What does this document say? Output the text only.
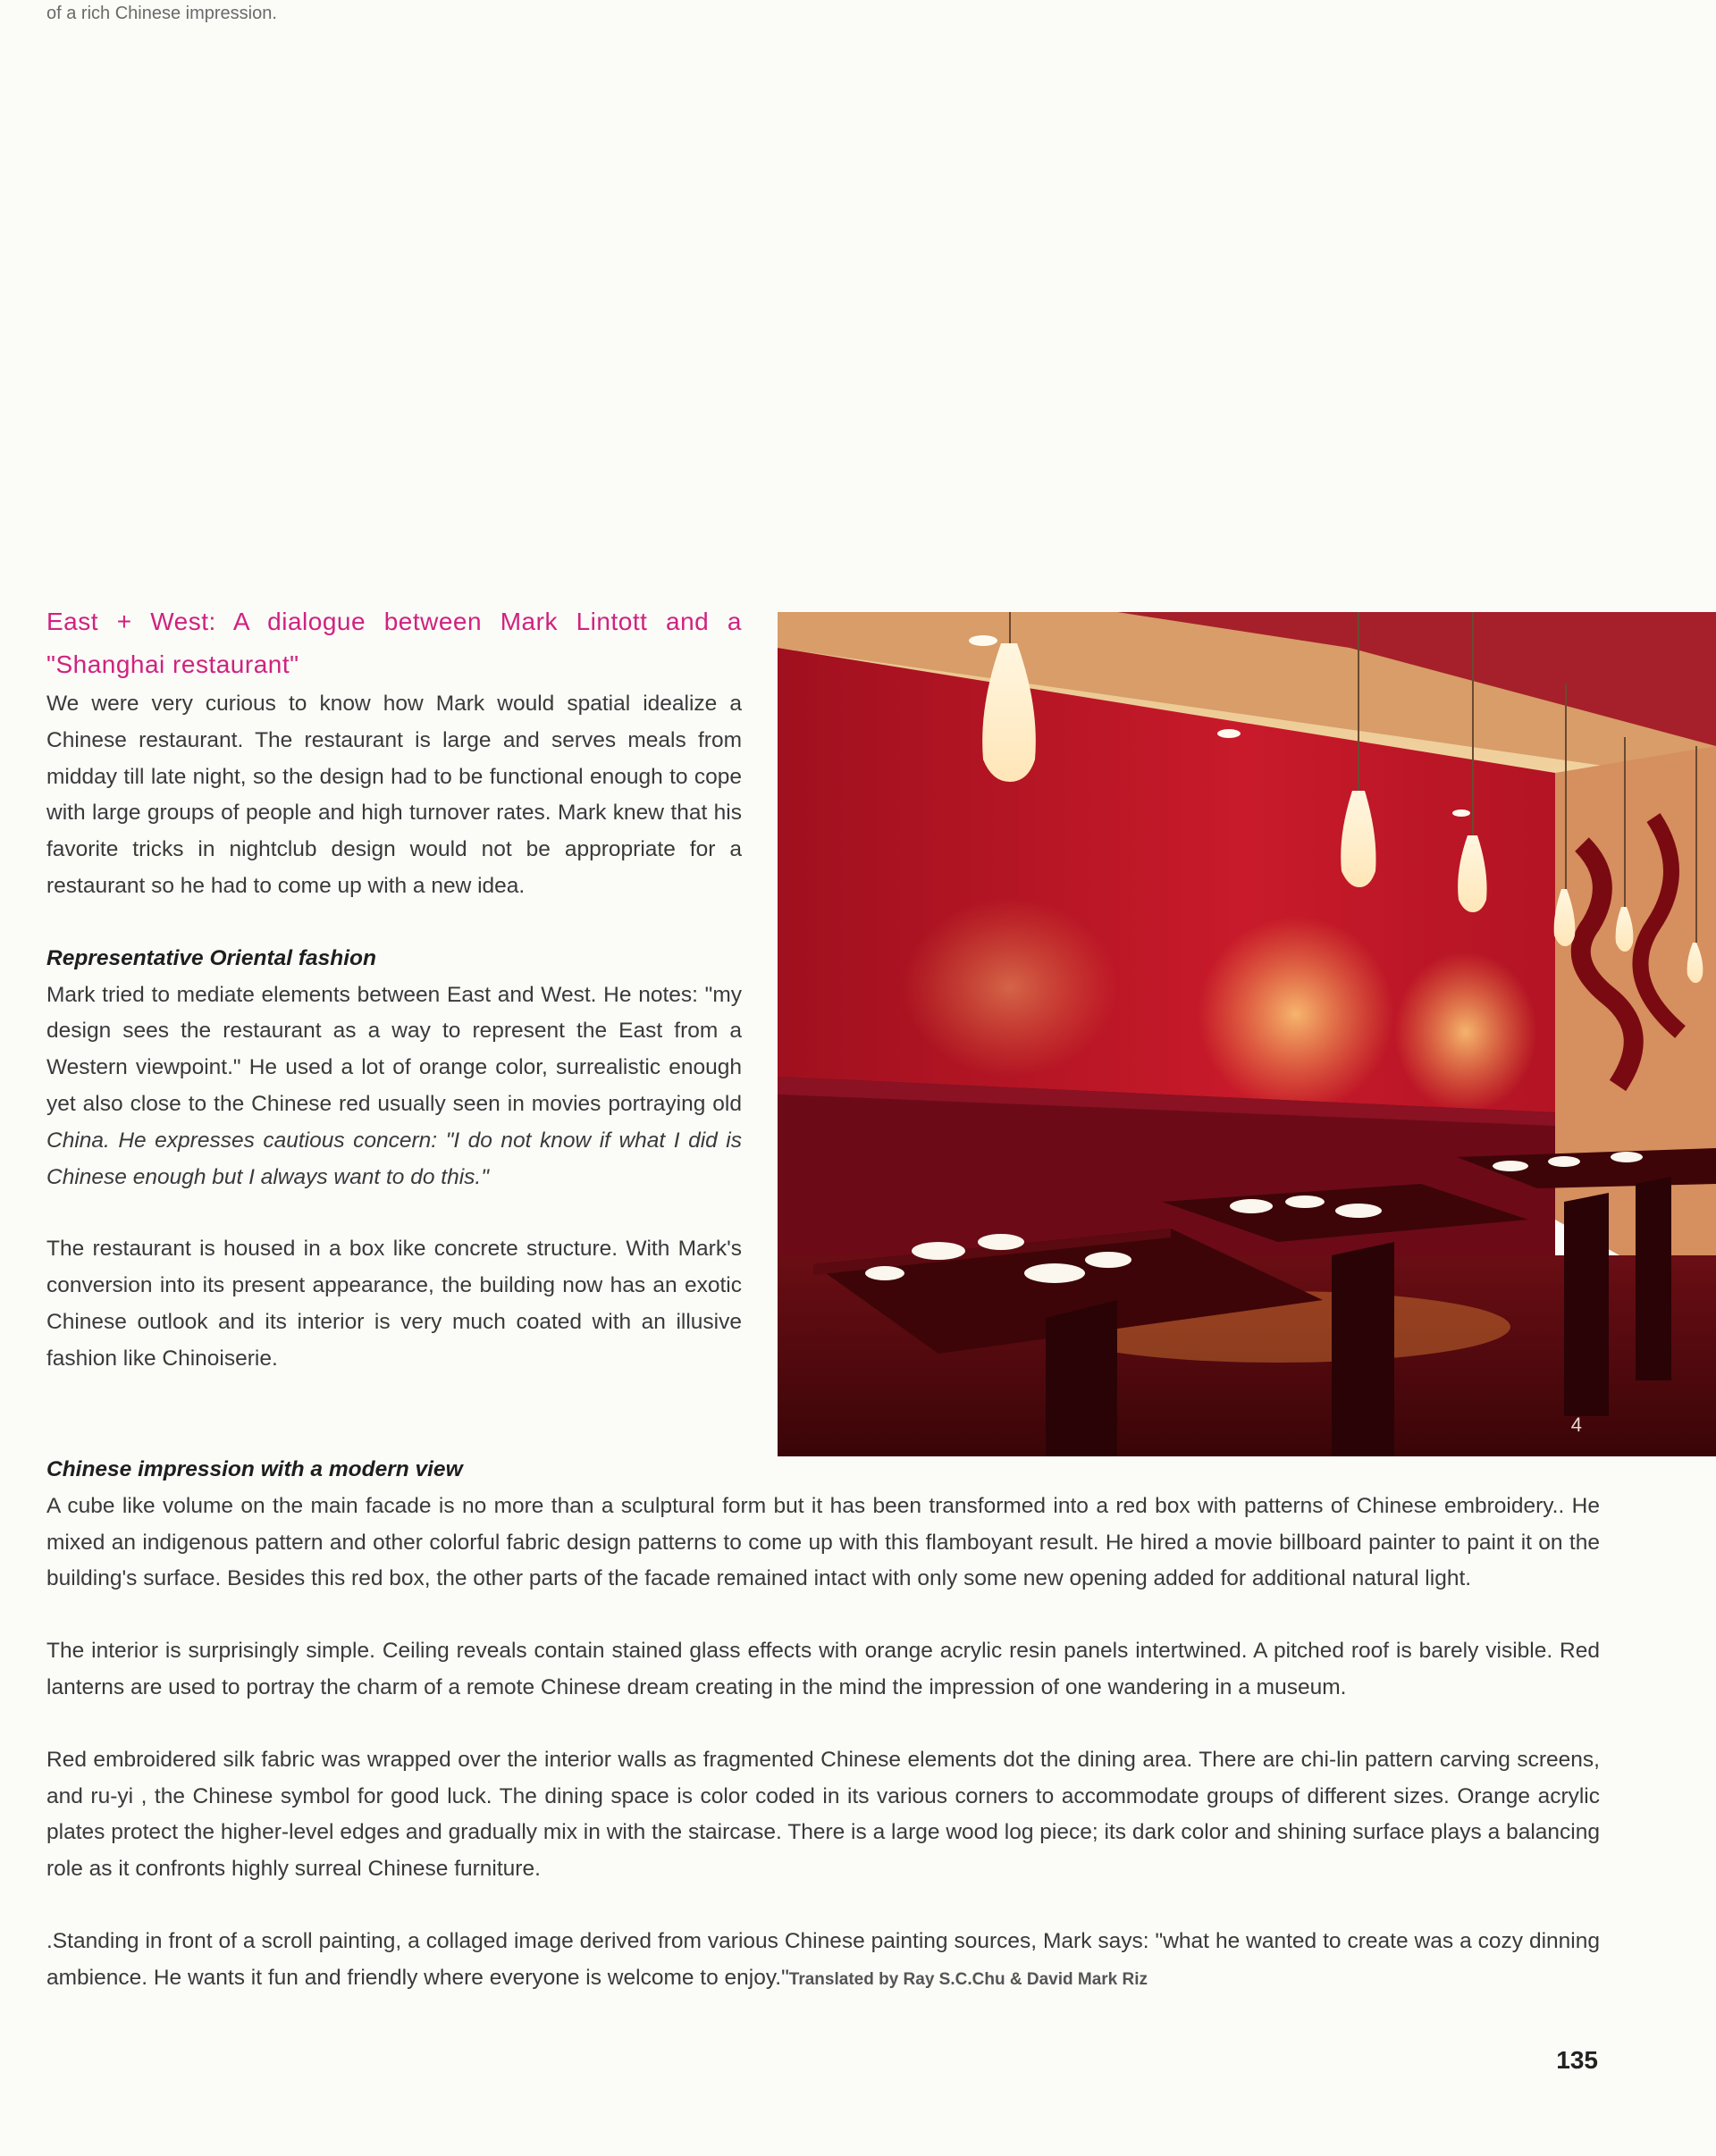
of a rich Chinese impression.
East + West: A dialogue between Mark Lintott and a
"Shanghai restaurant"

We were very curious to know how Mark would spatial idealize a Chinese restaurant. The restaurant is large and serves meals from midday till late night, so the design had to be functional enough to cope with large groups of people and high turnover rates. Mark knew that his favorite tricks in nightclub design would not be appropriate for a restaurant so he had to come up with a new idea.

Representative Oriental fashion

Mark tried to mediate elements between East and West. He notes: "my design sees the restaurant as a way to represent the East from a Western viewpoint." He used a lot of orange color, surrealistic enough yet also close to the Chinese red usually seen in movies portraying old China. He expresses cautious concern: "I do not know if what I did is Chinese enough but I always want to do this."

The restaurant is housed in a box like concrete structure. With Mark's conversion into its present appearance, the building now has an exotic Chinese outlook and its interior is very much coated with an illusive fashion like Chinoiserie.

4

Chinese impression with a modern view

A cube like volume on the main facade is no more than a sculptural form but it has been transformed into a red box with patterns of Chinese embroidery.. He mixed an indigenous pattern and other colorful fabric design patterns to come up with this flamboyant result. He hired a movie billboard painter to paint it on the building's surface. Besides this red box, the other parts of the facade remained intact with only some new opening added for additional natural light.

The interior is surprisingly simple. Ceiling reveals contain stained glass effects with orange acrylic resin panels intertwined. A pitched roof is barely visible. Red lanterns are used to portray the charm of a remote Chinese dream creating in the mind the impression of one wandering in a museum.

Red embroidered silk fabric was wrapped over the interior walls as fragmented Chinese elements dot the dining area. There are chi-lin pattern carving screens, and ru-yi , the Chinese symbol for good luck. The dining space is color coded in its various corners to accommodate groups of different sizes. Orange acrylic plates protect the higher-level edges and gradually mix in with the staircase. There is a large wood log piece; its dark color and shining surface plays a balancing role as it confronts highly surreal Chinese furniture.

.Standing in front of a scroll painting, a collaged image derived from various Chinese painting sources, Mark says: "what he wanted to create was a cozy dinning ambience. He wants it fun and friendly where everyone is welcome to enjoy."Translated by Ray S.C.Chu & David Mark Riz

135
